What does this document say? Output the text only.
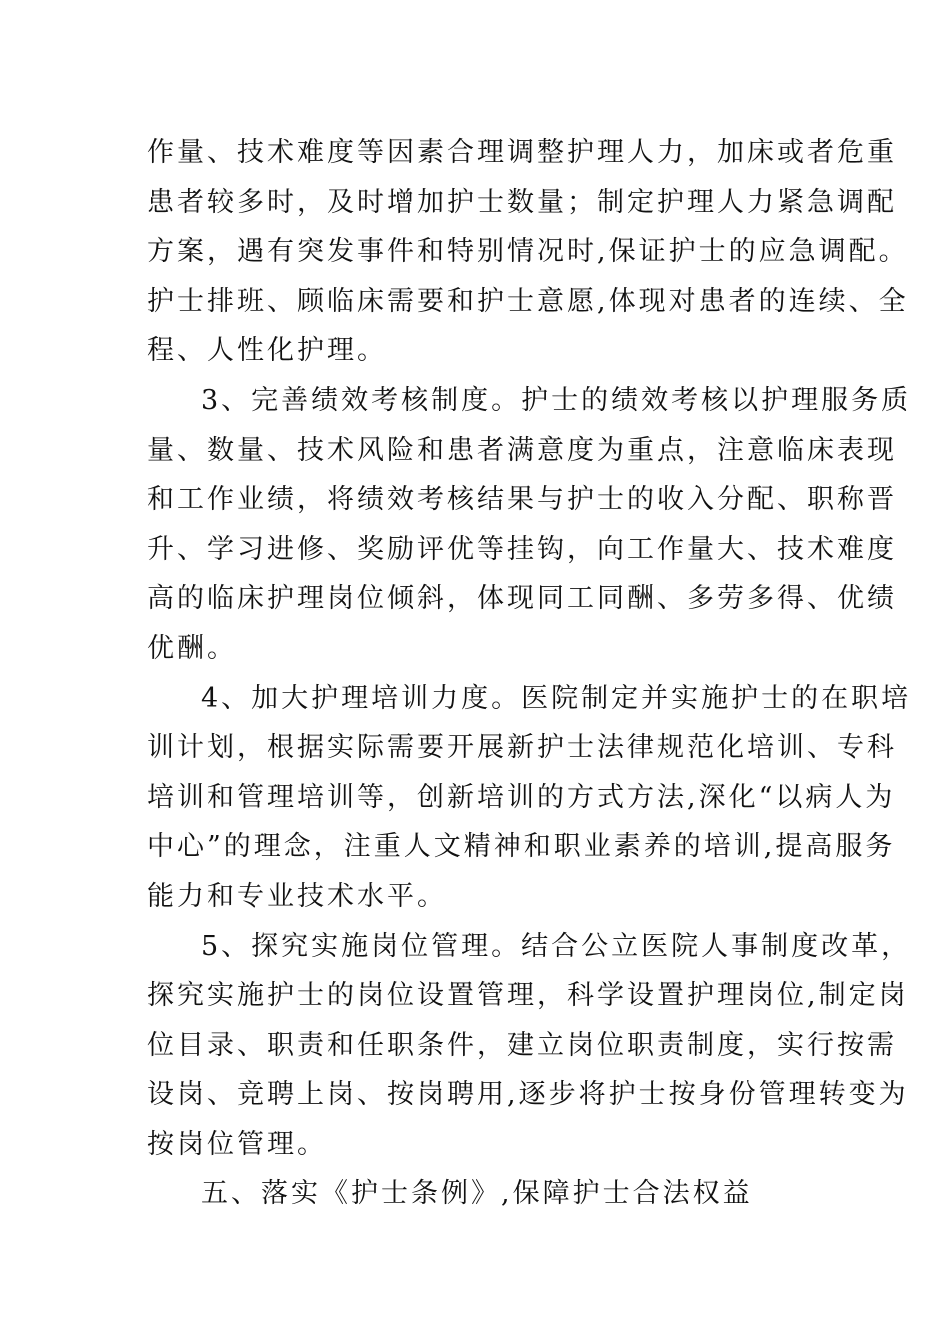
作量、技术难度等因素合理调整护理人力，加床或者危重
患者较多时，及时增加护士数量；制定护理人力紧急调配
方案，遇有突发事件和特别情况时,保证护士的应急调配。
护士排班、顾临床需要和护士意愿,体现对患者的连续、全
程、人性化护理。
3、完善绩效考核制度。护士的绩效考核以护理服务质
量、数量、技术风险和患者满意度为重点，注意临床表现
和工作业绩，将绩效考核结果与护士的收入分配、职称晋
升、学习进修、奖励评优等挂钩，向工作量大、技术难度
高的临床护理岗位倾斜，体现同工同酬、多劳多得、优绩
优酬。
4、加大护理培训力度。医院制定并实施护士的在职培
训计划，根据实际需要开展新护士法律规范化培训、专科
培训和管理培训等，创新培训的方式方法,深化“以病人为
中心”的理念，注重人文精神和职业素养的培训,提高服务
能力和专业技术水平。
5、探究实施岗位管理。结合公立医院人事制度改革，
探究实施护士的岗位设置管理，科学设置护理岗位,制定岗
位目录、职责和任职条件，建立岗位职责制度，实行按需
设岗、竞聘上岗、按岗聘用,逐步将护士按身份管理转变为
按岗位管理。
五、落实《护士条例》,保障护士合法权益
